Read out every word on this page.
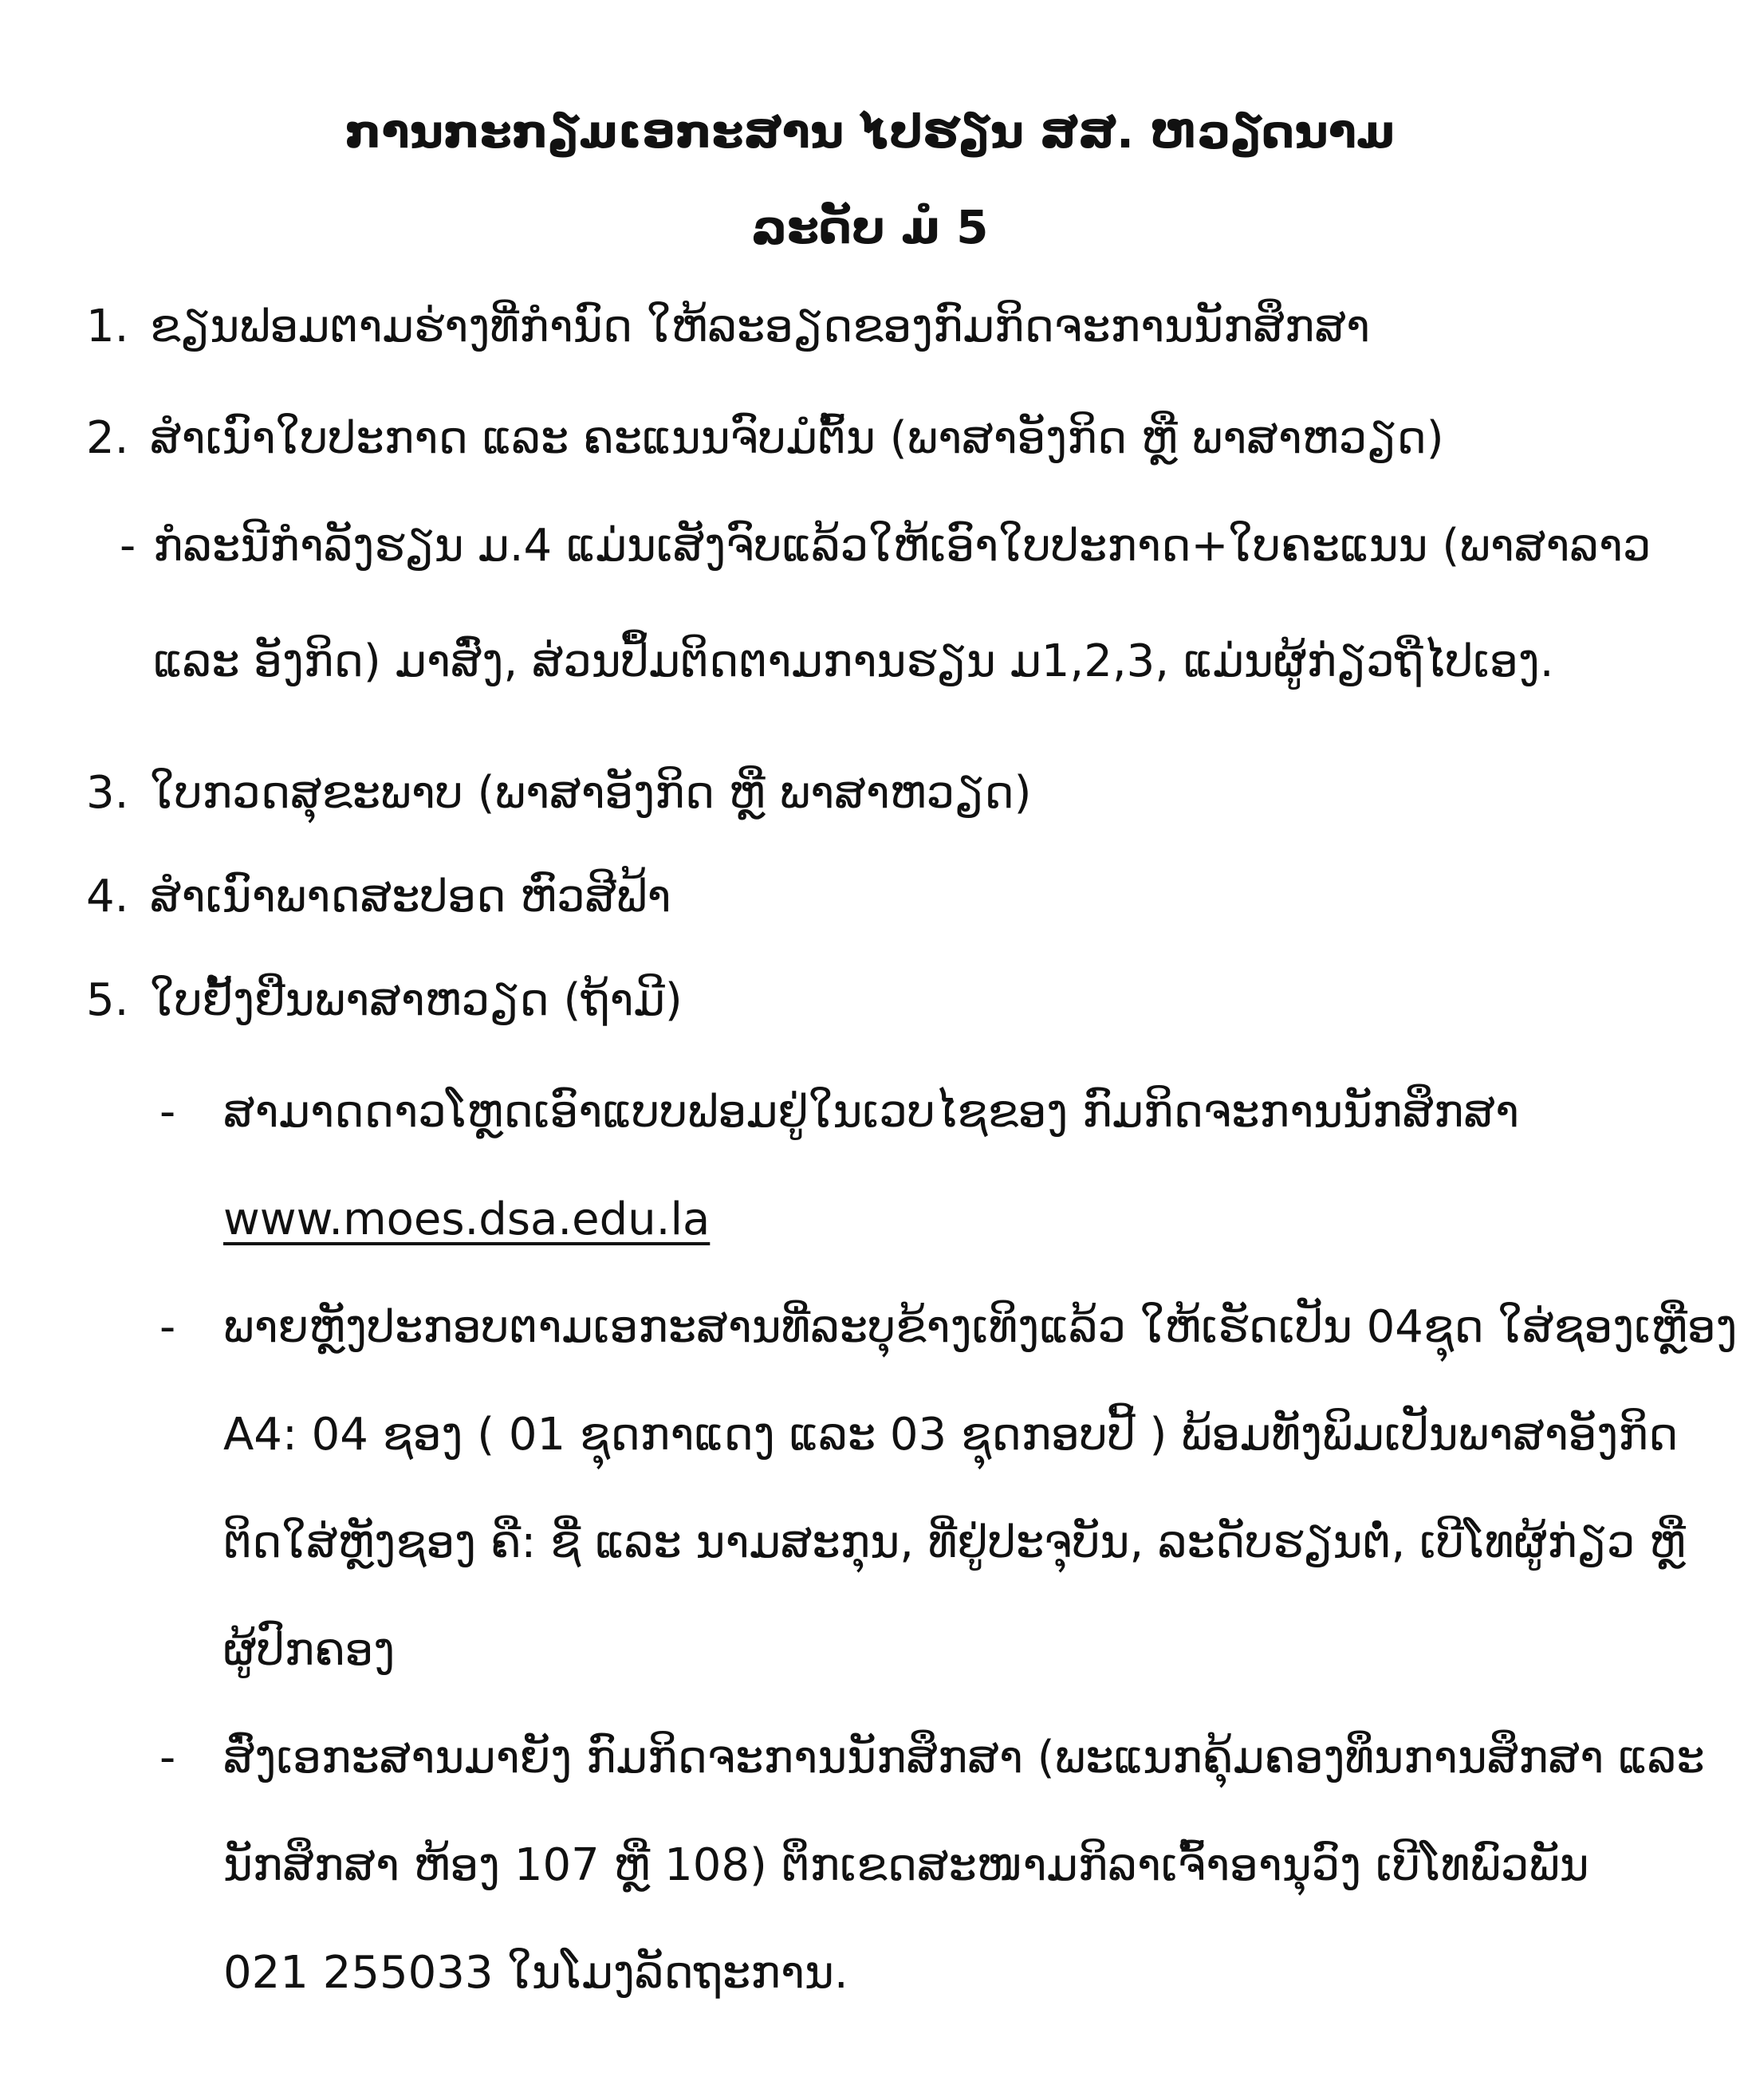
ການກະກຽມເອກະສານ ໄປຮຽນ ສສ. ຫວຽດນາມ
ລະດັບ ມໍ 5
1. ຂຽນຟອມຕາມຮ່າງທີ່ກຳນົດ ໃຫ້ລະອຽດຂອງກົມກິດຈະການນັກສຶກສາ
2. ສຳເນົາໃບປະກາດ ແລະ ຄະແນນຈົບມໍຕົ້ນ (ພາສາອັງກິດ ຫຼື ພາສາຫວຽດ)
- ກໍລະນີກຳລັງຮຽນ ມ.4 ແມ່ນເສັງຈົບແລ້ວໃຫ້ເອົາໃບປະກາດ+ໃບຄະແນນ (ພາສາລາວ
ແລະ ອັງກິດ) ມາສົ່ງ, ສ່ວນປຶ້ມຕິດຕາມການຮຽນ ມ1,2,3, ແມ່ນຜູ້ກ່ຽວຖືໄປເອງ.
3. ໃບກວດສຸຂະພາບ (ພາສາອັງກິດ ຫຼື ພາສາຫວຽດ)
4. ສຳເນົາພາດສະປອດ ຫົວສີຟ້າ
5. ໃບຢັ້ງຢືນພາສາຫວຽດ (ຖ້າມີ)
- ສາມາດດາວໂຫຼດເອົາແບບຟອມຢູ່ໃນເວບໄຊຂອງ ກົມກິດຈະການນັກສຶກສາ
www.moes.dsa.edu.la
- ພາຍຫຼັງປະກອບຕາມເອກະສານທີ່ລະບຸຂ້າງເທິງແລ້ວ ໃຫ້ເຮັດເປັນ 04ຊຸດ ໃສ່ຊອງເຫຼືອງ
A4: 04 ຊອງ ( 01 ຊຸດກາແດງ ແລະ 03 ຊຸດກອບປີ້ ) ພ້ອມທັງພິມເປັນພາສາອັງກິດ
ຕິດໃສ່ຫຼັງຊອງ ຄື: ຊື່ ແລະ ນາມສະກຸນ, ທີ່ຢູ່ປະຈຸບັນ, ລະດັບຮຽນຕໍ່, ເບີໂທຜູ້ກ່ຽວ ຫຼື
ຜູ້ປົກຄອງ
- ສົ່ງເອກະສານມາຍັງ ກົມກິດຈະການນັກສຶກສາ (ພະແນກຄຸ້ມຄອງທຶນການສຶກສາ ແລະ
ນັກສຶກສາ ຫ້ອງ 107 ຫຼື 108) ຕຶກເຂດສະໜາມກິລາເຈົ້າອານຸວົງ ເບີໂທພົວພັນ
021 255033 ໃນໂມງລັດຖະການ.
